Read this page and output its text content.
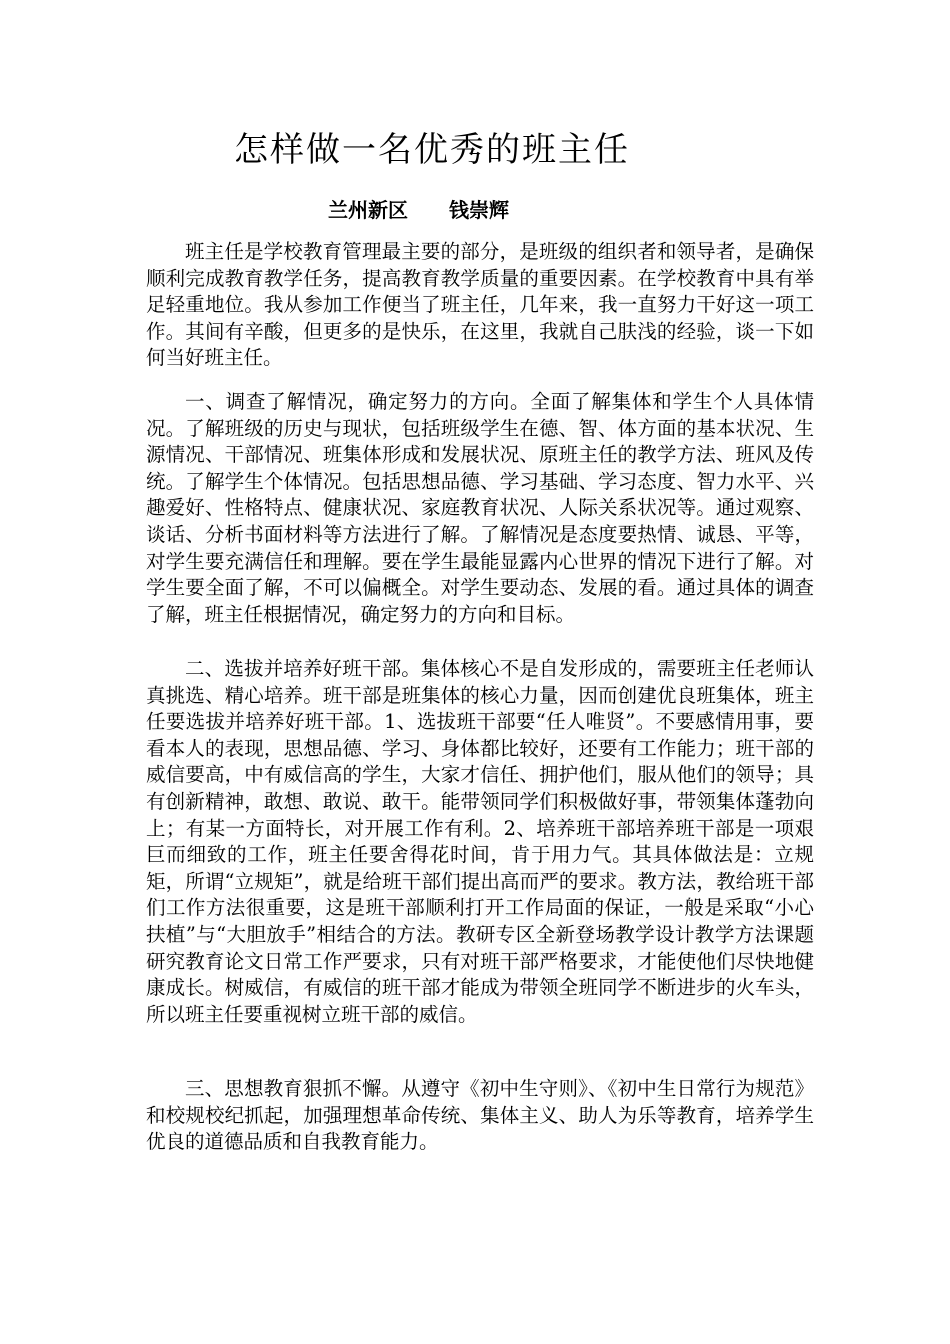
怎样做一名优秀的班主任
兰州新区 钱崇辉

班主任是学校教育管理最主要的部分，是班级的组织者和领导者，是确保顺利完成教育教学任务，提高教育教学质量的重要因素。在学校教育中具有举足轻重地位。我从参加工作便当了班主任，几年来，我一直努力干好这一项工作。其间有辛酸，但更多的是快乐，在这里，我就自己肤浅的经验，谈一下如何当好班主任。

一、调查了解情况，确定努力的方向。全面了解集体和学生个人具体情况。了解班级的历史与现状，包括班级学生在德、智、体方面的基本状况、生源情况、干部情况、班集体形成和发展状况、原班主任的教学方法、班风及传统。了解学生个体情况。包括思想品德、学习基础、学习态度、智力水平、兴趣爱好、性格特点、健康状况、家庭教育状况、人际关系状况等。通过观察、谈话、分析书面材料等方法进行了解。了解情况是态度要热情、诚恳、平等，对学生要充满信任和理解。要在学生最能显露内心世界的情况下进行了解。对学生要全面了解，不可以偏概全。对学生要动态、发展的看。通过具体的调查了解，班主任根据情况，确定努力的方向和目标。

二、选拔并培养好班干部。集体核心不是自发形成的，需要班主任老师认真挑选、精心培养。班干部是班集体的核心力量，因而创建优良班集体，班主任要选拔并培养好班干部。1、选拔班干部要“任人唯贤”。不要感情用事，要看本人的表现，思想品德、学习、身体都比较好，还要有工作能力；班干部的威信要高，中有威信高的学生，大家才信任、拥护他们，服从他们的领导；具有创新精神，敢想、敢说、敢干。能带领同学们积极做好事，带领集体蓬勃向上；有某一方面特长，对开展工作有利。2、培养班干部培养班干部是一项艰巨而细致的工作，班主任要舍得花时间，肯于用力气。其具体做法是：立规矩，所谓“立规矩”，就是给班干部们提出高而严的要求。教方法，教给班干部们工作方法很重要，这是班干部顺利打开工作局面的保证，一般是采取“小心扶植”与“大胆放手”相结合的方法。教研专区全新登场教学设计教学方法课题研究教育论文日常工作严要求，只有对班干部严格要求，才能使他们尽快地健康成长。树威信，有威信的班干部才能成为带领全班同学不断进步的火车头，所以班主任要重视树立班干部的威信。

三、思想教育狠抓不懈。从遵守《初中生守则》、《初中生日常行为规范》和校规校纪抓起，加强理想革命传统、集体主义、助人为乐等教育，培养学生优良的道德品质和自我教育能力。
